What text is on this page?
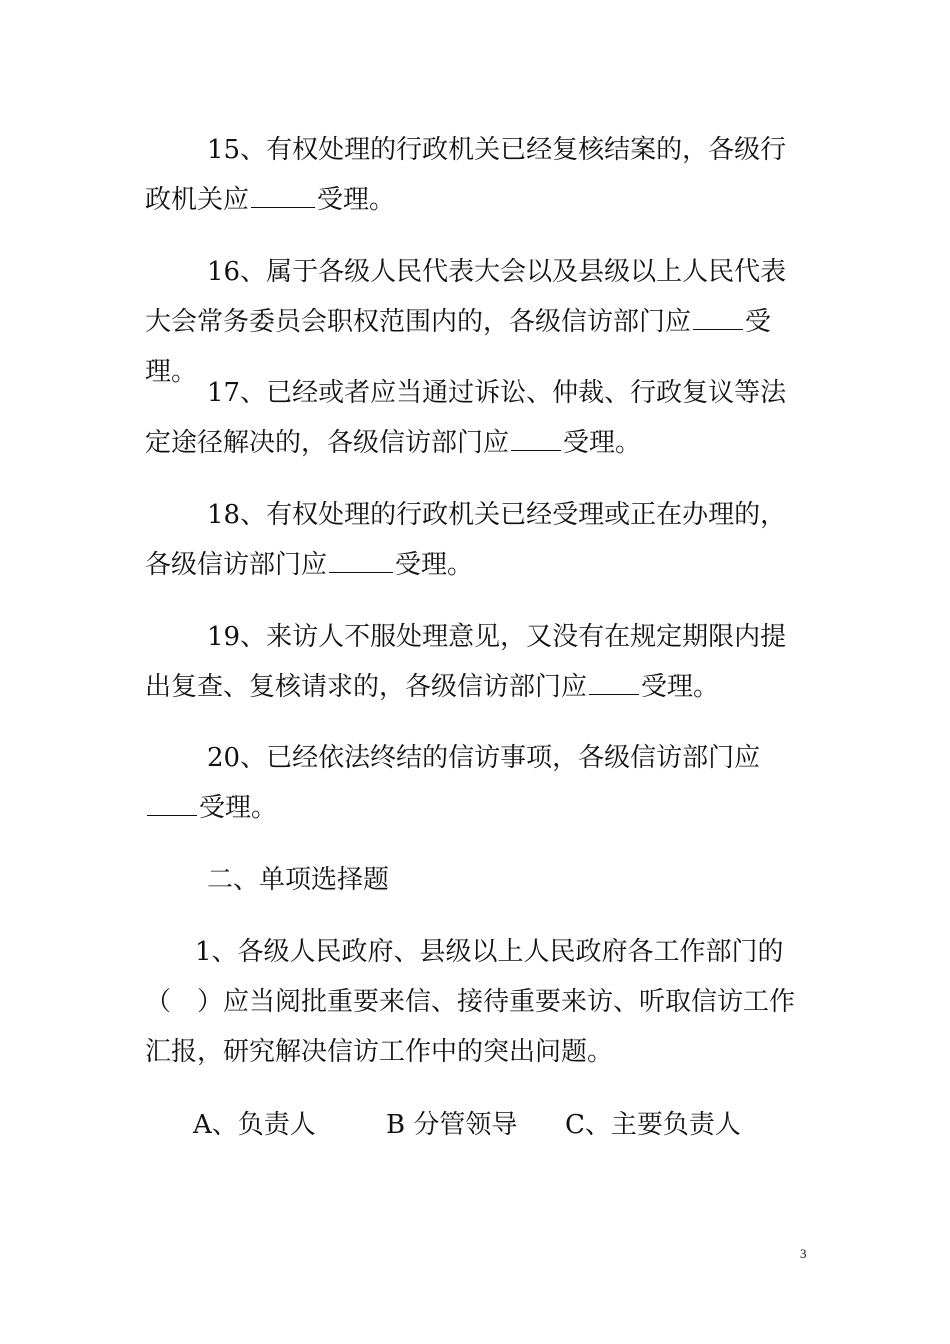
15、有权处理的行政机关已经复核结案的，各级行政机关应	受理。

16、属于各级人民代表大会以及县级以上人民代表大会常务委员会职权范围内的，各级信访部门应 受理。

17、已经或者应当通过诉讼、仲裁、行政复议等法定途径解决的，各级信访部门应 受理。

18、有权处理的行政机关已经受理或正在办理的，各级信访部门应	受理。

19、来访人不服处理意见，又没有在规定期限内提出复查、复核请求的，各级信访部门应 受理。

20、已经依法终结的信访事项，各级信访部门应受理。

二、单项选择题

1、各级人民政府、县级以上人民政府各工作部门的（　）应当阅批重要来信、接待重要来访、听取信访工作汇报，研究解决信访工作中的突出问题。

A、负责人	B 分管领导 C、主要负责人
3
